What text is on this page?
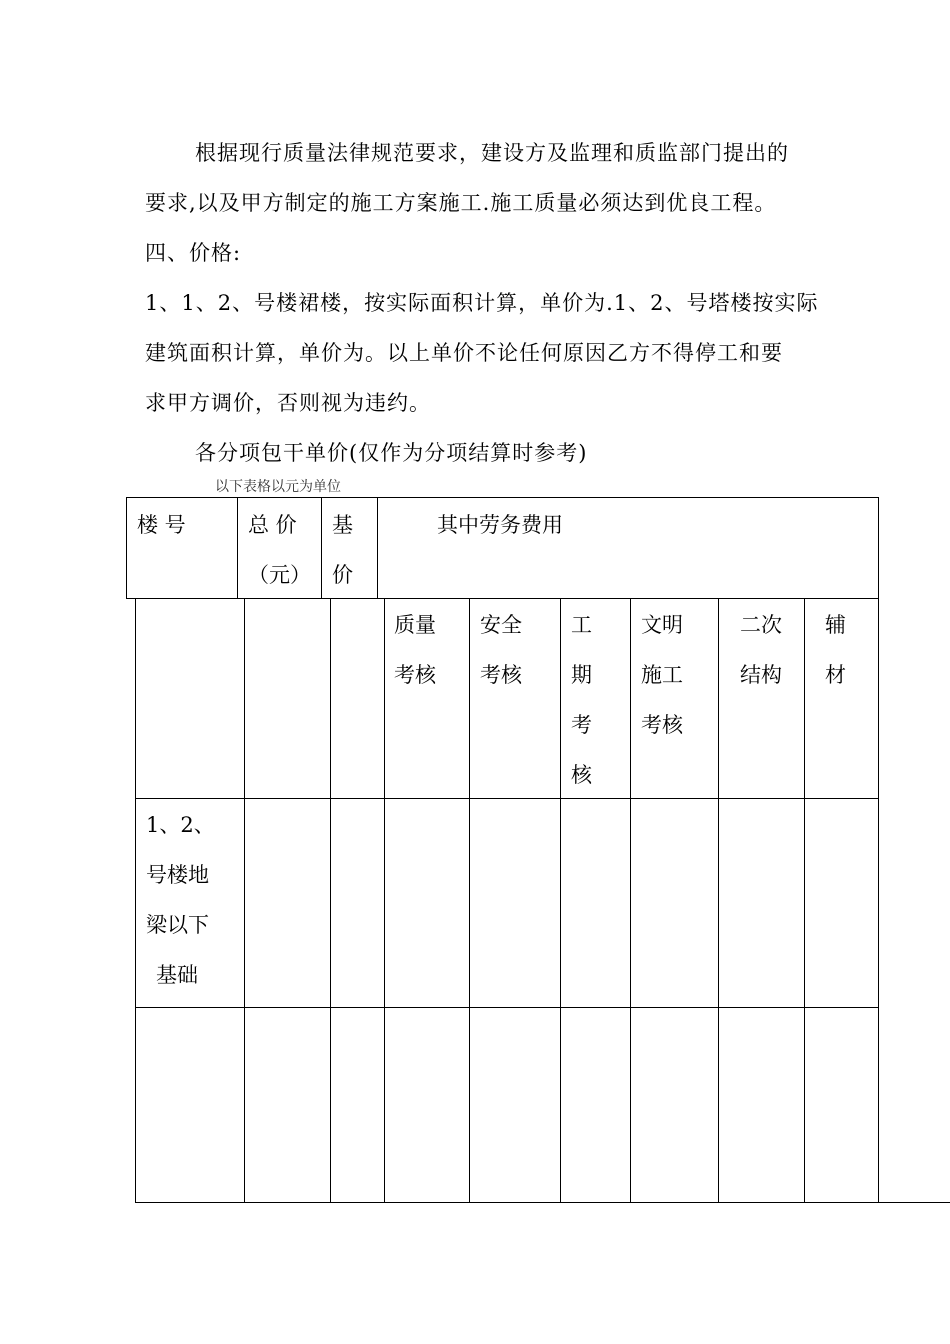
根据现行质量法律规范要求，建设方及监理和质监部门提出的
要求,以及甲方制定的施工方案施工.施工质量必须达到优良工程。
四、价格:
1、1、2、号楼裙楼，按实际面积计算，单价为.1、2、号塔楼按实际
建筑面积计算，单价为。以上单价不论任何原因乙方不得停工和要
求甲方调价，否则视为违约。
各分项包干单价(仅作为分项结算时参考)
以下表格以元为单位
楼 号	总 价
（元）
基
价
其中劳务费用
质量
考核
安全
考核
工
期
考
核
文明
施工
考核
二次
结构
辅
材
1、2、
号楼地
梁以下
基础
